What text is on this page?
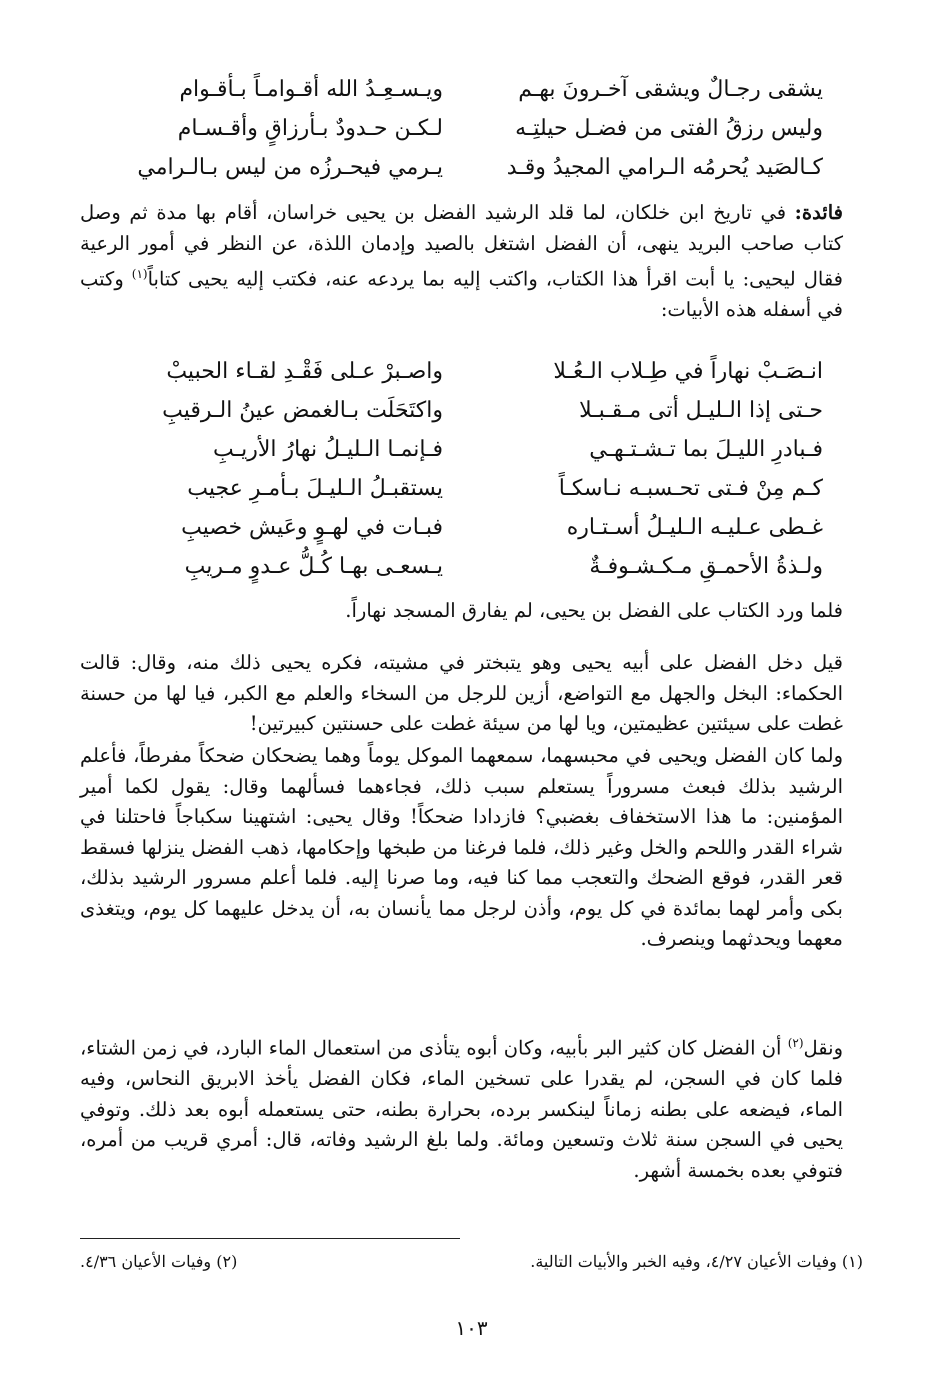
يشقى رجـالٌ ويشقى آخـرونَ بهـم
ويـسـعِـدُ الله أقـوامـاً بـأقـوام
وليس رزقُ الفتى من فضـل حيلتِـه
لـكـن حـدودٌ بـأرزاقٍ وأقـسـام
كـالصَيد يُحرمُه الـرامي المجيدُ وقـد
يـرمي فيحـرزُه من ليس بـالـرامي

فائدة: في تاريخ ابن خلكان، لما قلد الرشيد الفضل بن يحيى خراسان، أقام بها مدة ثم وصل كتاب صاحب البريد ينهى، أن الفضل اشتغل بالصيد وإدمان اللذة، عن النظر في أمور الرعية فقال ليحيى: يا أبت اقرأ هذا الكتاب، واكتب إليه بما يردعه عنه، فكتب إليه يحيى كتاباً$^{(١)}$ وكتب في أسفله هذه الأبيات:

انـصَـبْ نهاراً في طِـلاب الـعُـلا
واصـبرْ عـلى فَقْـدِ لقـاء الحبيبْ
حـتى إذا الـليـل أتى مـقـبـلا
واكتَحَلَت بـالغمض عينُ الـرقيبِ
فـبادرِ الليـلَ بما تـشـتـهـي
فـإنمـا الـليـلُ نهارُ الأريـبِ
كـم مِنْ فـتى تحـسبـه نـاسكـاً
يستقبـلُ الـليـلَ بـأمـرِ عجيب
غـطى عـليـه الـليـلُ أسـتـاره
فبـات في لهـوٍ وعَيش خصيبِ
ولـذةُ الأحمـقِ مـكـشـوفـةٌ
يـسعـى بهـا كُـلُّ عـدوٍ مـريبِ

فلما ورد الكتاب على الفضل بن يحيى، لم يفارق المسجد نهاراً.

قيل دخل الفضل على أبيه يحيى وهو يتبختر في مشيته، فكره يحيى ذلك منه، وقال: قالت الحكماء: البخل والجهل مع التواضع، أزين للرجل من السخاء والعلم مع الكبر، فيا لها من حسنة غطت على سيئتين عظيمتين، ويا لها من سيئة غطت على حسنتين كبيرتين!

ولما كان الفضل ويحيى في محبسهما، سمعهما الموكل يوماً وهما يضحكان ضحكاً مفرطاً، فأعلم الرشيد بذلك فبعث مسروراً يستعلم سبب ذلك، فجاءهما فسألهما وقال: يقول لكما أمير المؤمنين: ما هذا الاستخفاف بغضبي؟ فازدادا ضحكاً! وقال يحيى: اشتهينا سكباجاً فاحتلنا في شراء القدر واللحم والخل وغير ذلك، فلما فرغنا من طبخها وإحكامها، ذهب الفضل ينزلها فسقط قعر القدر، فوقع الضحك والتعجب مما كنا فيه، وما صرنا إليه. فلما أعلم مسرور الرشيد بذلك، بكى وأمر لهما بمائدة في كل يوم، وأذن لرجل مما يأنسان به، أن يدخل عليهما كل يوم، ويتغذى معهما ويحدثهما وينصرف.

ونقل$^{(٢)}$ أن الفضل كان كثير البر بأبيه، وكان أبوه يتأذى من استعمال الماء البارد، في زمن الشتاء، فلما كان في السجن، لم يقدرا على تسخين الماء، فكان الفضل يأخذ الابريق النحاس، وفيه الماء، فيضعه على بطنه زماناً لينكسر برده، بحرارة بطنه، حتى يستعمله أبوه بعد ذلك. وتوفي يحيى في السجن سنة ثلاث وتسعين ومائة. ولما بلغ الرشيد وفاته، قال: أمري قريب من أمره، فتوفي بعده بخمسة أشهر.

(١) وفيات الأعيان ٤/٢٧، وفيه الخبر والأبيات التالية.
(٢) وفيات الأعيان ٤/٣٦.
١٠٣
